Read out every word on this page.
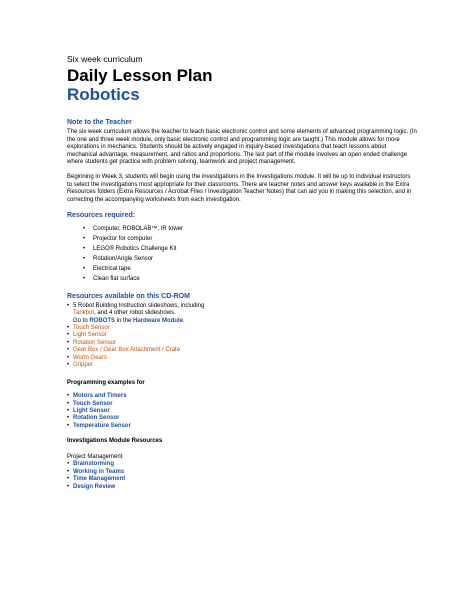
Six week curriculum

Daily Lesson Plan
Robotics
Note to the Teacher

The six week curriculum allows the teacher to teach basic electronic control and some elements of advanced programming logic. (In the one and three week module, only basic electronic control and programming logic are taught.) This module allows for more explorations in mechanics. Students should be actively engaged in inquiry-based investigations that teach lessons about mechanical advantage, measurement, and ratios and proportions. The last part of the module involves an open ended challenge where students get practice with problem solving, teamwork and project management.

Beginning in Week 3, students will begin using the investigations in the Investigations module. It will be up to individual instructors to select the investigations most appropriate for their classrooms. There are teacher notes and answer keys available in the Extra Resources folders (Extra Resources / Acrobat Files / Investigation Teacher Notes) that can aid you in making this selection, and in correcting the accompanying worksheets from each investigation.

Resources required:
•	Computer, ROBOLAB™, IR tower
•	Projector for computer
•	LEGO® Robotics Challenge Kit
•	Rotation/Angle Sensor
•	Electrical tape
•	Clean flat surface
Resources available on this CD-ROM
• 5 Robot Building Instruction slideshows, including
Tankbot, and 4 other robot slideshows.
Go to ROBOTS in the Hardware Module.
• Touch Sensor
• Light Sensor
• Rotation Sensor
• Gear Box / Gear Box Attachment / Crate
• Worm Gears
• Gripper
Programming examples for
• Motors and Timers
• Touch Sensor
• Light Sensor
• Rotation Sensor
• Temperature Sensor
Investigations Module Resources

Project Management

• Brainstorming
• Working in Teams
• Time Management
• Design Review
